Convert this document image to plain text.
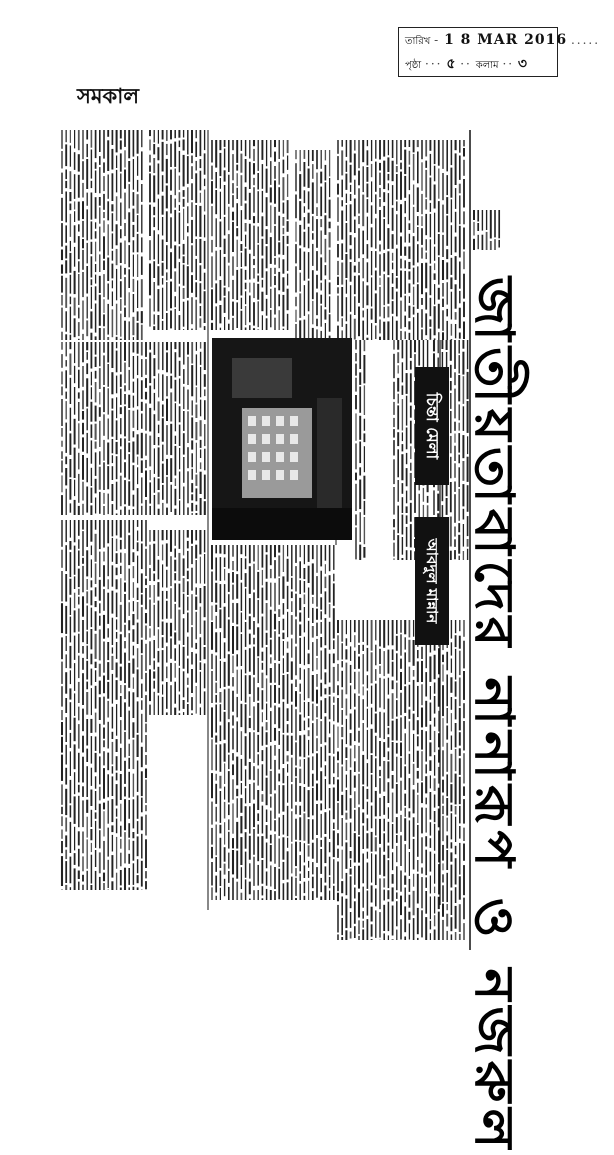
সমকাল
তারিখ - 1 8 MAR 2016 .....
পৃষ্ঠা ··· ৫ ·· কলাম ·· ৩
জাতীয়তাবাদের নানারূপ ও নজরুল
চিন্তা মেলা
আবদুল মান্নান
